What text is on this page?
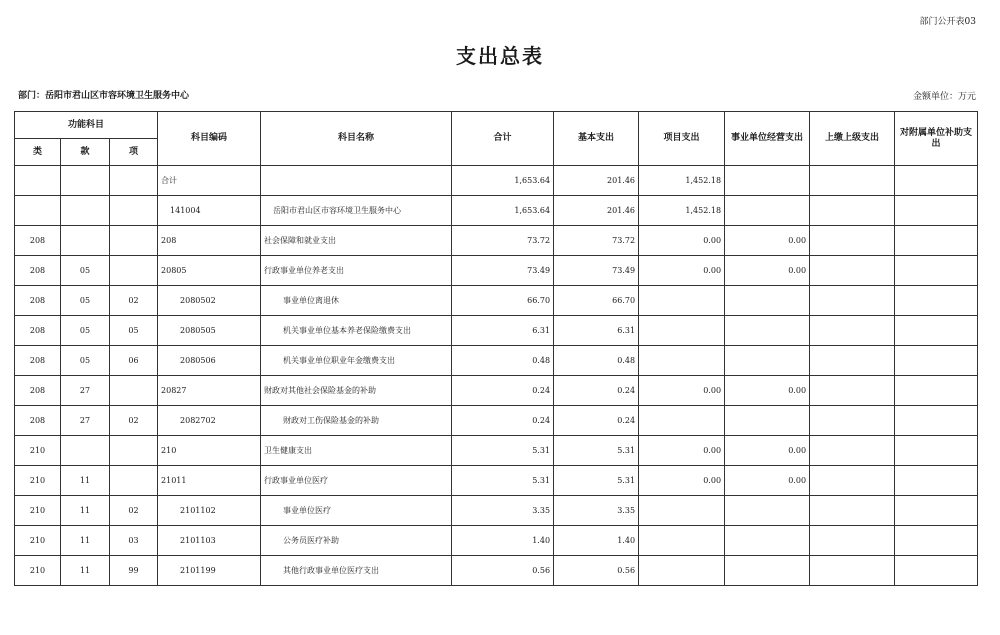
部门公开表03
支出总表
部门：岳阳市君山区市容环境卫生服务中心	金额单位：万元
功能科目			科目编码	科目名称	合计	基本支出	项目支出	事业单位经营支出	上缴上级支出	对附属单位补助支出
类	款	项								
			合计		1,653.64	201.46	1,452.18			
			141004	岳阳市君山区市容环境卫生服务中心	1,653.64	201.46	1,452.18			
208			208	社会保障和就业支出	73.72	73.72	0.00	0.00		
208	05		20805	行政事业单位养老支出	73.49	73.49	0.00	0.00		
208	05	02	2080502	事业单位离退休	66.70	66.70				
208	05	05	2080505	机关事业单位基本养老保险缴费支出	6.31	6.31				
208	05	06	2080506	机关事业单位职业年金缴费支出	0.48	0.48				
208	27		20827	财政对其他社会保险基金的补助	0.24	0.24	0.00	0.00		
208	27	02	2082702	财政对工伤保险基金的补助	0.24	0.24				
210			210	卫生健康支出	5.31	5.31	0.00	0.00		
210	11		21011	行政事业单位医疗	5.31	5.31	0.00	0.00		
210	11	02	2101102	事业单位医疗	3.35	3.35				
210	11	03	2101103	公务员医疗补助	1.40	1.40				
210	11	99	2101199	其他行政事业单位医疗支出	0.56	0.56				
